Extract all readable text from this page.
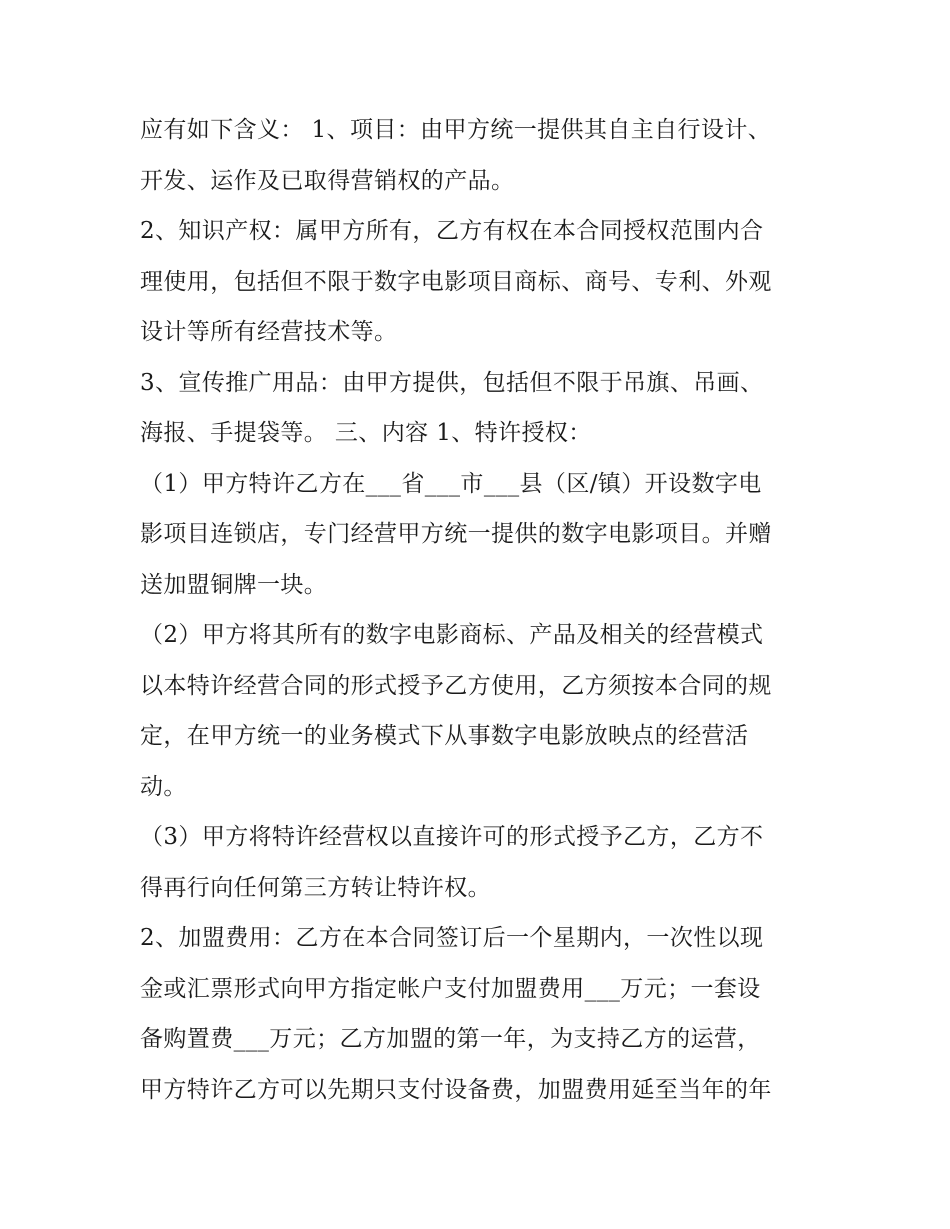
应有如下含义： 1、项目：由甲方统一提供其自主自行设计、
开发、运作及已取得营销权的产品。
2、知识产权：属甲方所有，乙方有权在本合同授权范围内合
理使用，包括但不限于数字电影项目商标、商号、专利、外观
设计等所有经营技术等。
3、宣传推广用品：由甲方提供，包括但不限于吊旗、吊画、
海报、手提袋等。 三、内容 1、特许授权：
（1）甲方特许乙方在___省___市___县（区/镇）开设数字电
影项目连锁店，专门经营甲方统一提供的数字电影项目。并赠
送加盟铜牌一块。
（2）甲方将其所有的数字电影商标、产品及相关的经营模式
以本特许经营合同的形式授予乙方使用，乙方须按本合同的规
定，在甲方统一的业务模式下从事数字电影放映点的经营活
动。
（3）甲方将特许经营权以直接许可的形式授予乙方，乙方不
得再行向任何第三方转让特许权。
2、加盟费用：乙方在本合同签订后一个星期内，一次性以现
金或汇票形式向甲方指定帐户支付加盟费用___万元；一套设
备购置费___万元；乙方加盟的第一年，为支持乙方的运营，
甲方特许乙方可以先期只支付设备费，加盟费用延至当年的年
